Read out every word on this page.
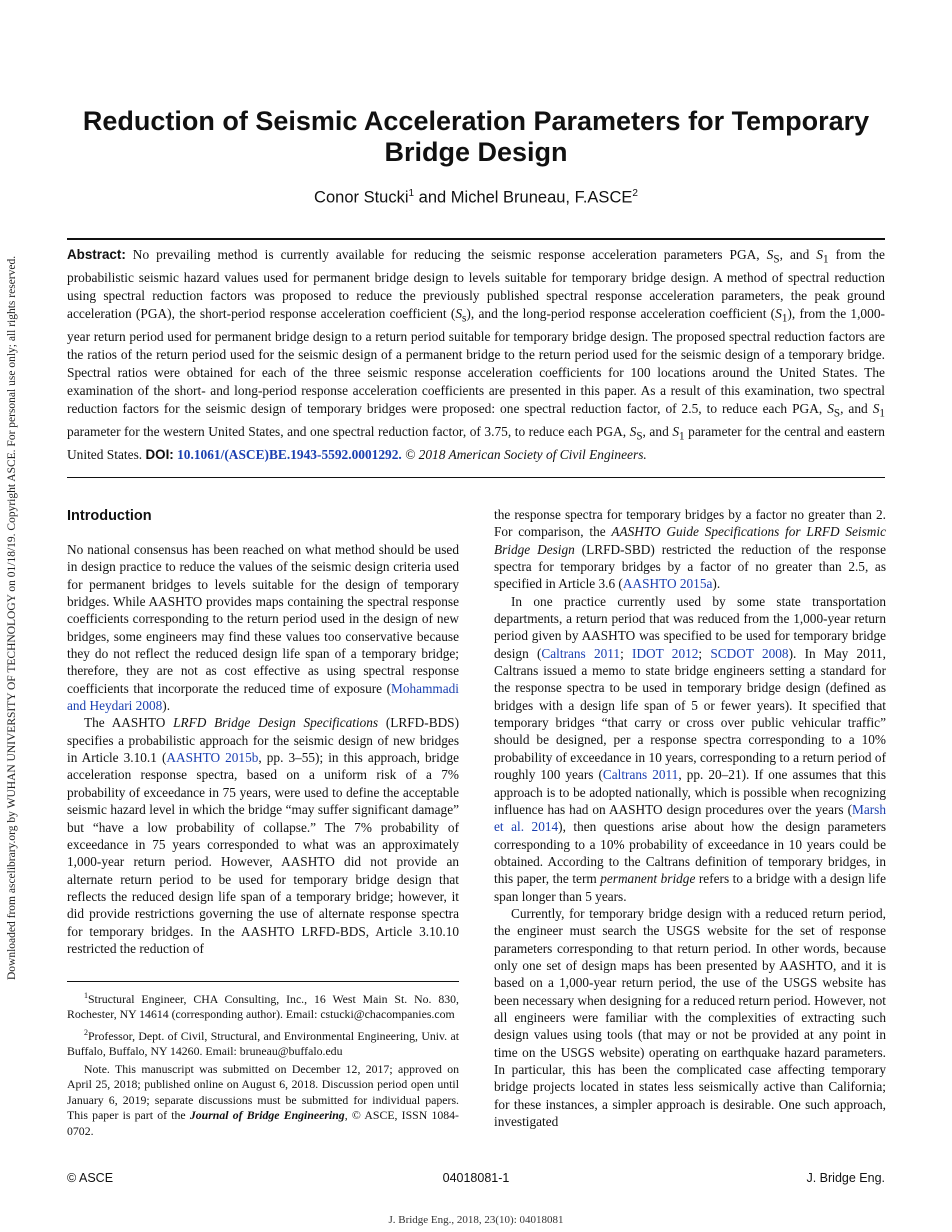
Downloaded from ascelibrary.org by WUHAN UNIVERSITY OF TECHNOLOGY on 01/18/19. Copyright ASCE. For personal use only; all rights reserved.
Reduction of Seismic Acceleration Parameters for Temporary Bridge Design
Conor Stucki$^1$ and Michel Bruneau, F.ASCE$^2$
Abstract: No prevailing method is currently available for reducing the seismic response acceleration parameters PGA, $S_S$, and $S_1$ from the probabilistic seismic hazard values used for permanent bridge design to levels suitable for temporary bridge design. A method of spectral reduction using spectral reduction factors was proposed to reduce the previously published spectral response acceleration parameters, the peak ground acceleration (PGA), the short-period response acceleration coefficient $(S_s)$, and the long-period response acceleration coefficient $(S_1)$, from the 1,000-year return period used for permanent bridge design to a return period suitable for temporary bridge design. The proposed spectral reduction factors are the ratios of the return period used for the seismic design of a permanent bridge to the return period used for the seismic design of a temporary bridge. Spectral ratios were obtained for each of the three seismic response acceleration coefficients for 100 locations around the United States. The examination of the short- and long-period response acceleration coefficients are presented in this paper. As a result of this examination, two spectral reduction factors for the seismic design of temporary bridges were proposed: one spectral reduction factor, of 2.5, to reduce each PGA, $S_S$, and $S_1$ parameter for the western United States, and one spectral reduction factor, of 3.75, to reduce each PGA, $S_S$, and $S_1$ parameter for the central and eastern United States. DOI: 10.1061/(ASCE)BE.1943-5592.0001292. © 2018 American Society of Civil Engineers.
Introduction

No national consensus has been reached on what method should be used in design practice to reduce the values of the seismic design criteria used for permanent bridges to levels suitable for the design of temporary bridges. While AASHTO provides maps containing the spectral response coefficients corresponding to the return period used in the design of new bridges, some engineers may find these values too conservative because they do not reflect the reduced design life span of a temporary bridge; therefore, they are not as cost effective as using spectral response coefficients that incorporate the reduced time of exposure (Mohammadi and Heydari 2008).

The AASHTO LRFD Bridge Design Specifications (LRFD-BDS) specifies a probabilistic approach for the seismic design of new bridges in Article 3.10.1 (AASHTO 2015b, pp. 3–55); in this approach, bridge acceleration response spectra, based on a uniform risk of a 7% probability of exceedance in 75 years, were used to define the acceptable seismic hazard level in which the bridge “may suffer significant damage” but “have a low probability of collapse.” The 7% probability of exceedance in 75 years corresponded to what was an approximately 1,000-year return period. However, AASHTO did not provide an alternate return period to be used for temporary bridge design that reflects the reduced design life span of a temporary bridge; however, it did provide restrictions governing the use of alternate response spectra for temporary bridges. In the AASHTO LRFD-BDS, Article 3.10.10 restricted the reduction of

$^1$Structural Engineer, CHA Consulting, Inc., 16 West Main St. No. 830, Rochester, NY 14614 (corresponding author). Email: cstucki@chacompanies.com

$^2$Professor, Dept. of Civil, Structural, and Environmental Engineering, Univ. at Buffalo, Buffalo, NY 14260. Email: bruneau@buffalo.edu

Note. This manuscript was submitted on December 12, 2017; approved on April 25, 2018; published online on August 6, 2018. Discussion period open until January 6, 2019; separate discussions must be submitted for individual papers. This paper is part of the Journal of Bridge Engineering, © ASCE, ISSN 1084-0702.

the response spectra for temporary bridges by a factor no greater than 2. For comparison, the AASHTO Guide Specifications for LRFD Seismic Bridge Design (LRFD-SBD) restricted the reduction of the response spectra for temporary bridges by a factor of no greater than 2.5, as specified in Article 3.6 (AASHTO 2015a).

In one practice currently used by some state transportation departments, a return period that was reduced from the 1,000-year return period given by AASHTO was specified to be used for temporary bridge design (Caltrans 2011; IDOT 2012; SCDOT 2008). In May 2011, Caltrans issued a memo to state bridge engineers setting a standard for the response spectra to be used in temporary bridge design (defined as bridges with a design life span of 5 or fewer years). It specified that temporary bridges “that carry or cross over public vehicular traffic” should be designed, per a response spectra corresponding to a 10% probability of exceedance in 10 years, corresponding to a return period of roughly 100 years (Caltrans 2011, pp. 20–21). If one assumes that this approach is to be adopted nationally, which is possible when recognizing influence has had on AASHTO design procedures over the years (Marsh et al. 2014), then questions arise about how the design parameters corresponding to a 10% probability of exceedance in 10 years could be obtained. According to the Caltrans definition of temporary bridges, in this paper, the term permanent bridge refers to a bridge with a design life span longer than 5 years.

Currently, for temporary bridge design with a reduced return period, the engineer must search the USGS website for the set of response parameters corresponding to that return period. In other words, because only one set of design maps has been presented by AASHTO, and it is based on a 1,000-year return period, the use of the USGS website has been necessary when designing for a reduced return period. However, not all engineers were familiar with the complexities of extracting such design values using tools (that may or not be provided at any point in time on the USGS website) operating on earthquake hazard parameters. In particular, this has been the complicated case affecting temporary bridge projects located in states less seismically active than California; for these instances, a simpler approach is desirable. One such approach, investigated

© ASCE	04018081-1	J. Bridge Eng.
J. Bridge Eng., 2018, 23(10): 04018081
